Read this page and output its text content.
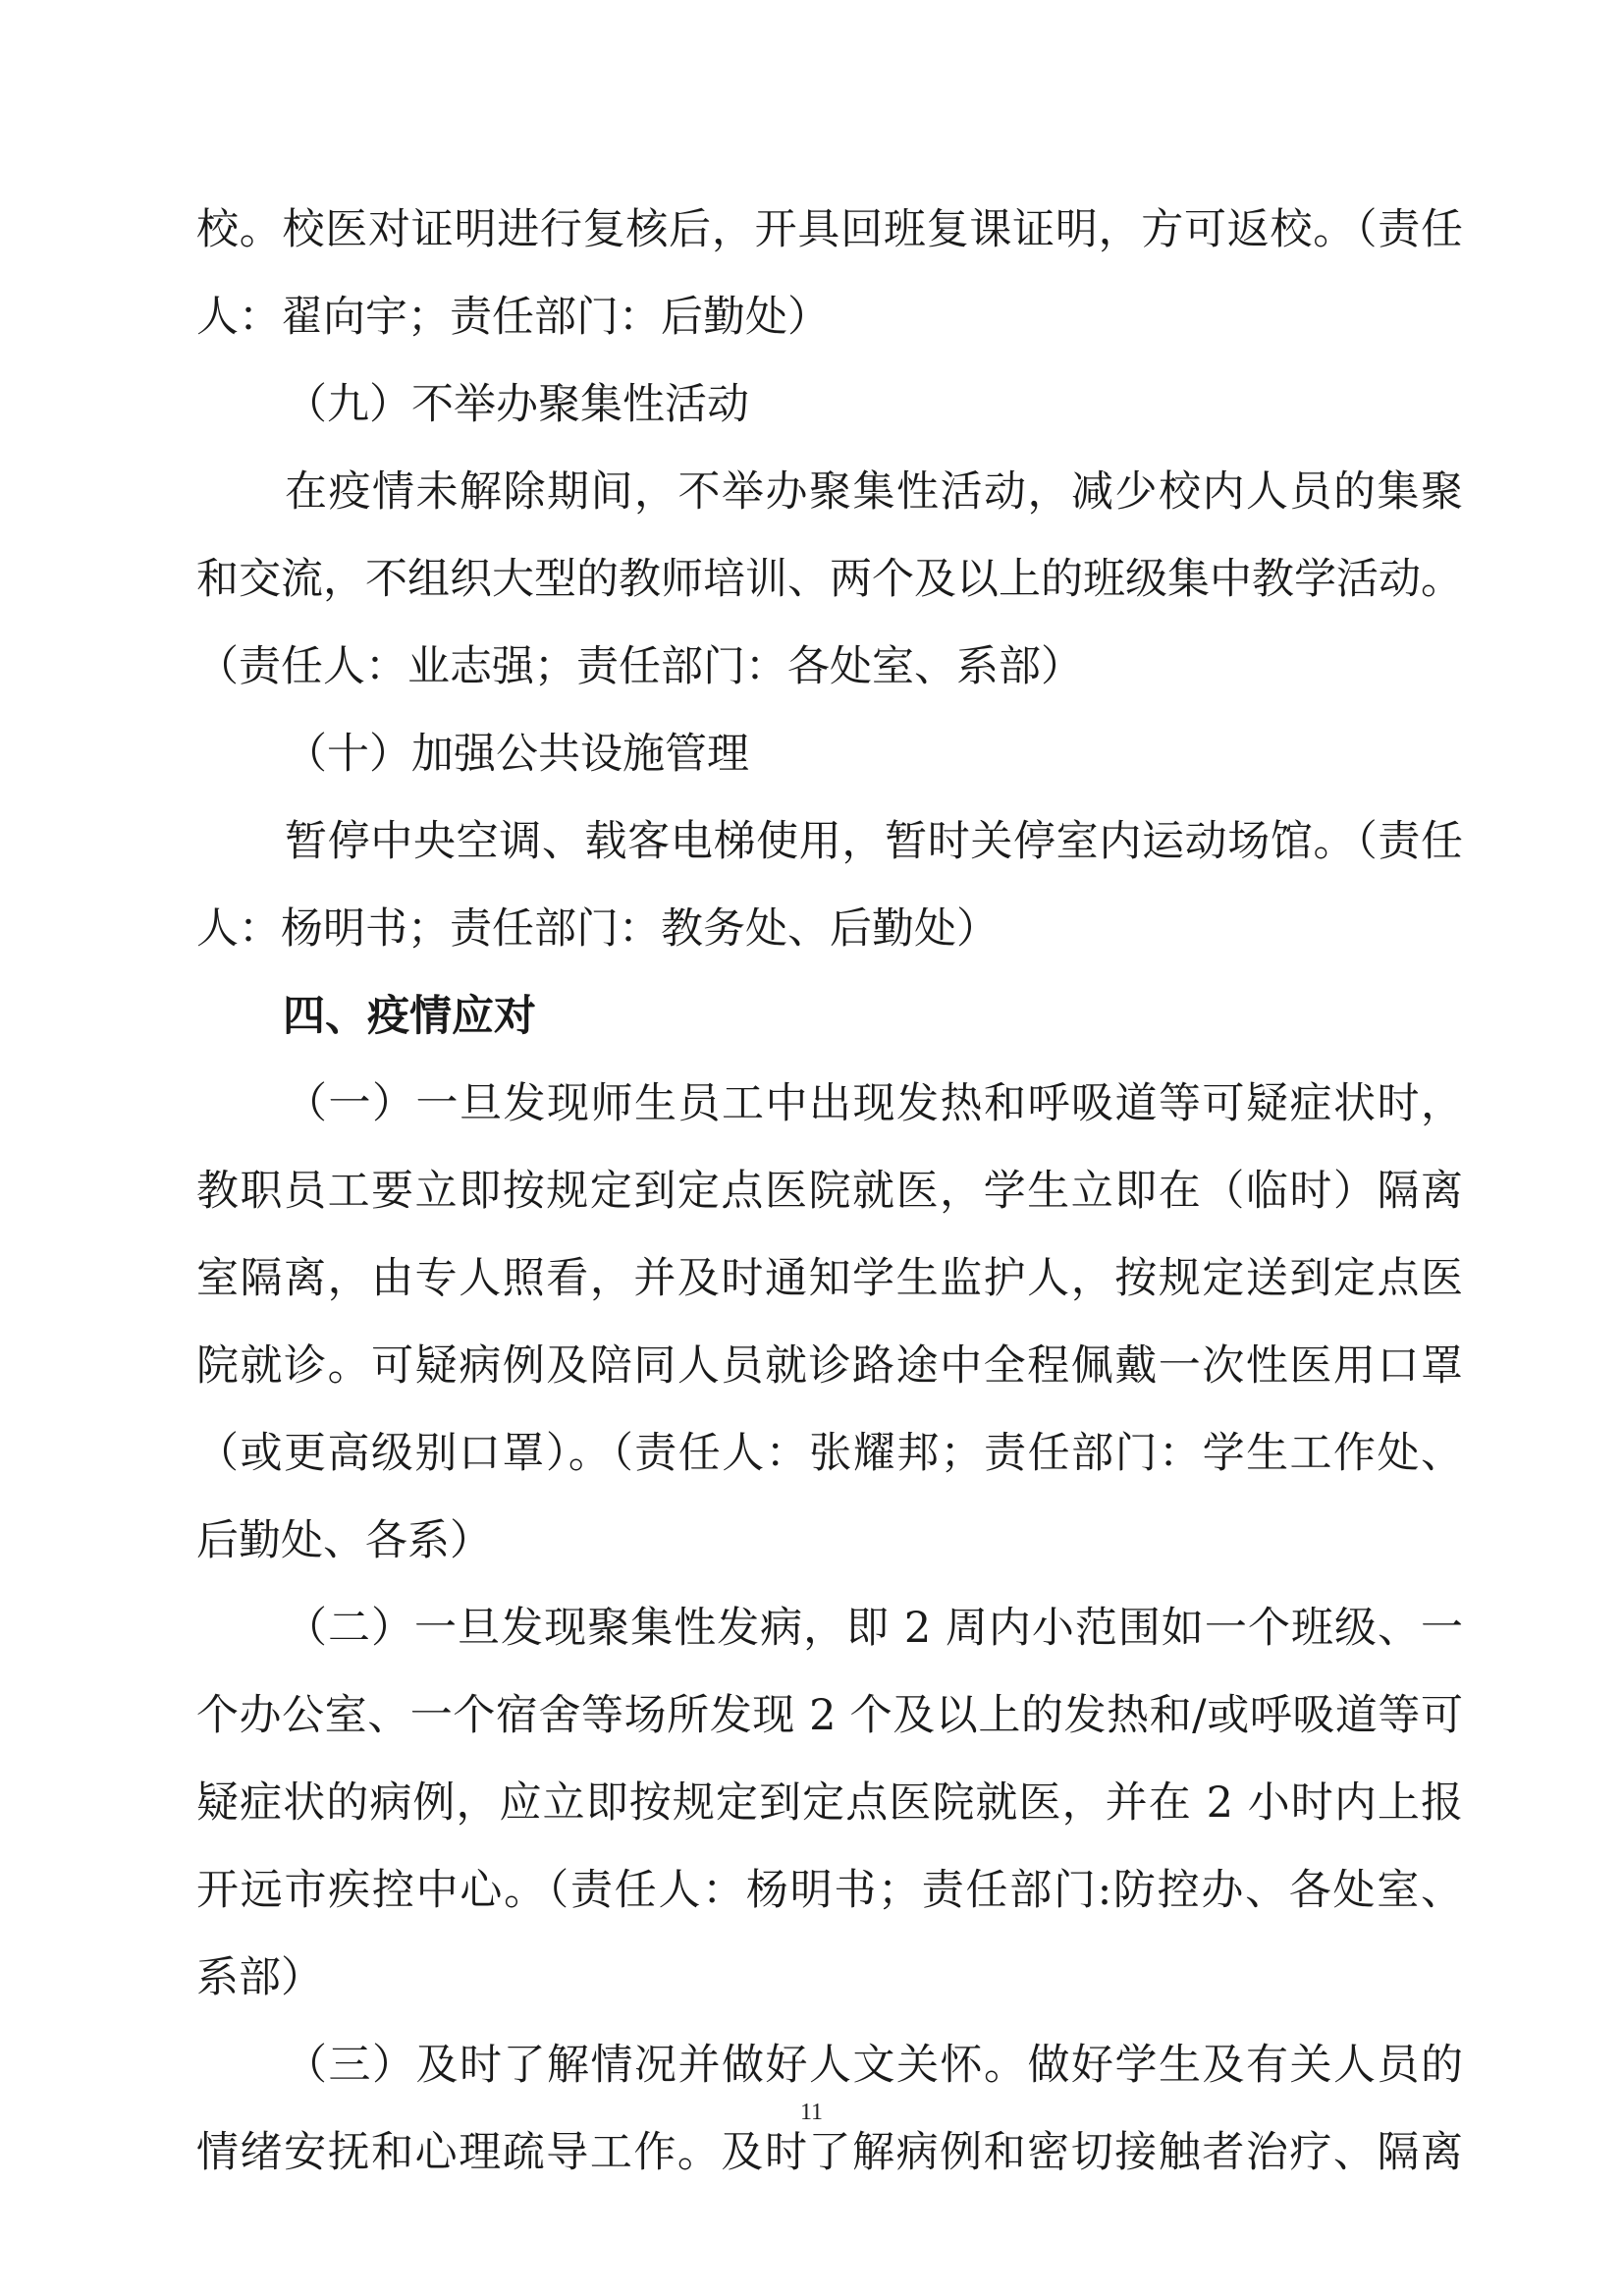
校。校医对证明进行复核后，开具回班复课证明，方可返校。（责任
人：翟向宇；责任部门：后勤处）
（九）不举办聚集性活动
在疫情未解除期间，不举办聚集性活动，减少校内人员的集聚
和交流，不组织大型的教师培训、两个及以上的班级集中教学活动。
（责任人：业志强；责任部门：各处室、系部）
（十）加强公共设施管理
暂停中央空调、载客电梯使用，暂时关停室内运动场馆。（责任
人：杨明书；责任部门：教务处、后勤处）
四、疫情应对
（一）一旦发现师生员工中出现发热和呼吸道等可疑症状时，
教职员工要立即按规定到定点医院就医，学生立即在（临时）隔离
室隔离，由专人照看，并及时通知学生监护人，按规定送到定点医
院就诊。可疑病例及陪同人员就诊路途中全程佩戴一次性医用口罩
（或更高级别口罩）。（责任人：张耀邦；责任部门：学生工作处、
后勤处、各系）
（二）一旦发现聚集性发病，即 2 周内小范围如一个班级、一
个办公室、一个宿舍等场所发现 2 个及以上的发热和/或呼吸道等可
疑症状的病例，应立即按规定到定点医院就医，并在 2 小时内上报
开远市疾控中心。（责任人：杨明书；责任部门:防控办、各处室、
系部）
（三）及时了解情况并做好人文关怀。做好学生及有关人员的
情绪安抚和心理疏导工作。及时了解病例和密切接触者治疗、隔离
11
